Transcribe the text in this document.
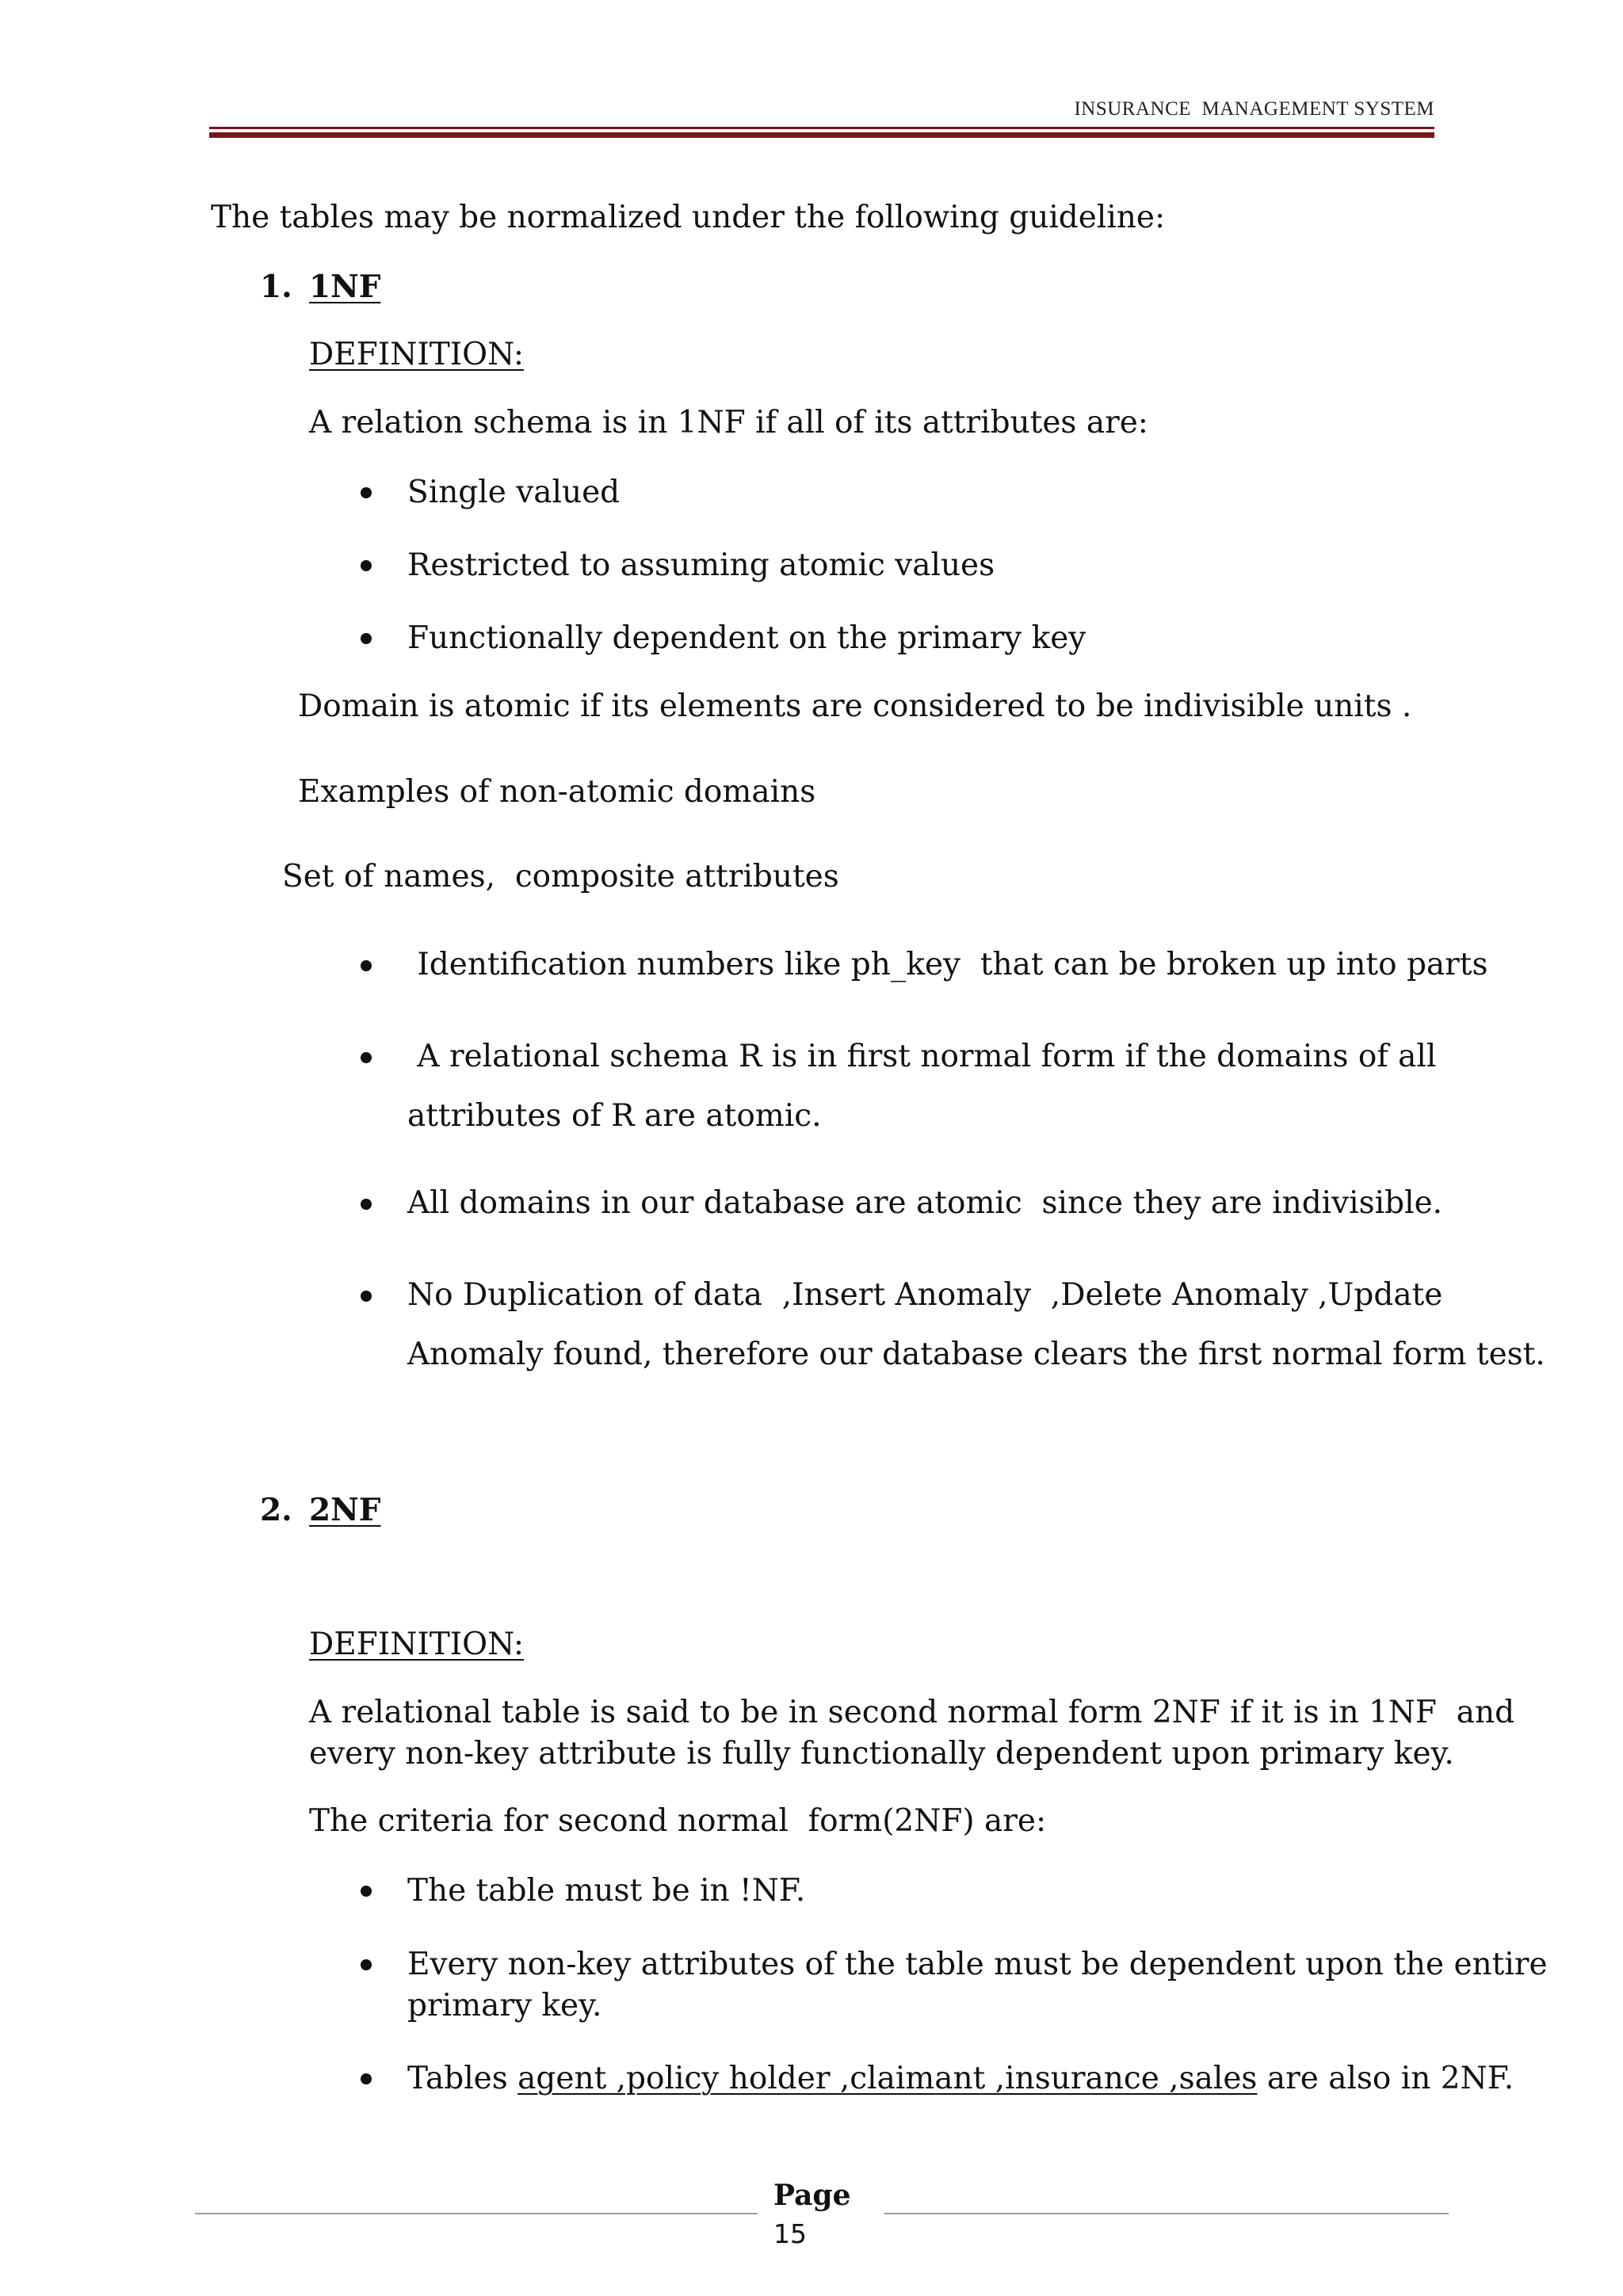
INSURANCE  MANAGEMENT SYSTEM
The tables may be normalized under the following guideline:
1. 1NF
DEFINITION:
A relation schema is in 1NF if all of its attributes are:
Single valued
Restricted to assuming atomic values
Functionally dependent on the primary key
Domain is atomic if its elements are considered to be indivisible units .
Examples of non-atomic domains
Set of names,  composite attributes
Identification numbers like ph_key  that can be broken up into parts
A relational schema R is in first normal form if the domains of all
attributes of R are atomic.
All domains in our database are atomic  since they are indivisible.
No Duplication of data  ,Insert Anomaly  ,Delete Anomaly ,Update
Anomaly found, therefore our database clears the first normal form test.
2. 2NF
DEFINITION:
A relational table is said to be in second normal form 2NF if it is in 1NF  and
every non-key attribute is fully functionally dependent upon primary key.
The criteria for second normal  form(2NF) are:
The table must be in !NF.
Every non-key attributes of the table must be dependent upon the entire
primary key.
Tables agent ,policy holder ,claimant ,insurance ,sales are also in 2NF.
Page
15
